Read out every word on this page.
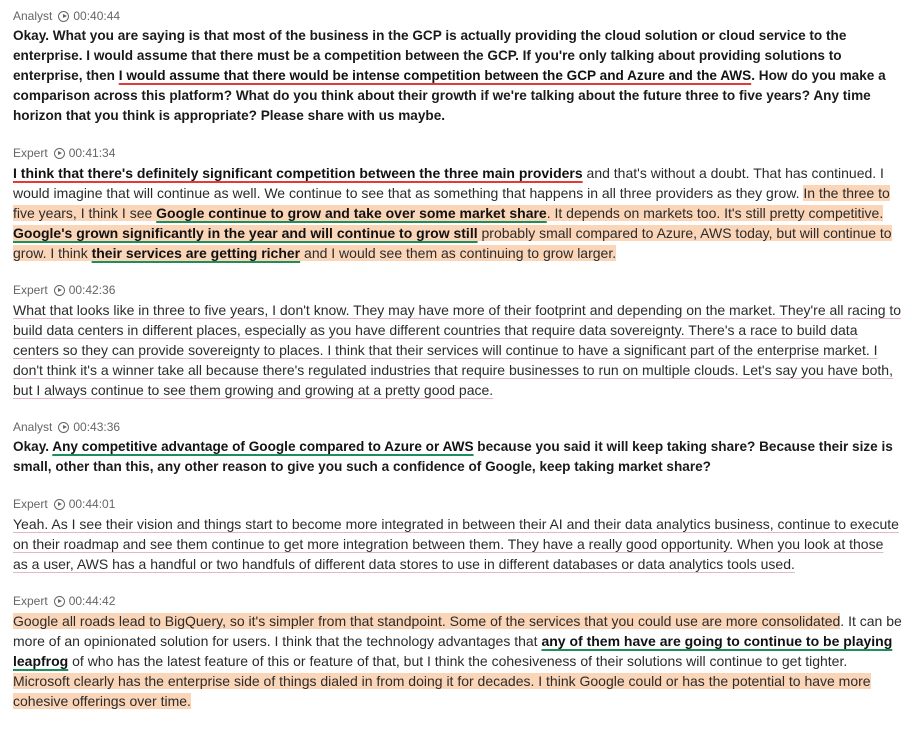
Analyst 00:40:44

Okay. What you are saying is that most of the business in the GCP is actually providing the cloud solution or cloud service to the enterprise. I would assume that there must be a competition between the GCP. If you're only talking about providing solutions to enterprise, then I would assume that there would be intense competition between the GCP and Azure and the AWS. How do you make a comparison across this platform? What do you think about their growth if we're talking about the future three to five years? Any time horizon that you think is appropriate? Please share with us maybe.

Expert 00:41:34

I think that there's definitely significant competition between the three main providers and that's without a doubt. That has continued. I would imagine that will continue as well. We continue to see that as something that happens in all three providers as they grow. In the three to five years, I think I see Google continue to grow and take over some market share. It depends on markets too. It's still pretty competitive. Google's grown significantly in the year and will continue to grow still probably small compared to Azure, AWS today, but will continue to grow. I think their services are getting richer and I would see them as continuing to grow larger.

Expert 00:42:36

What that looks like in three to five years, I don't know. They may have more of their footprint and depending on the market. They're all racing to build data centers in different places, especially as you have different countries that require data sovereignty. There's a race to build data centers so they can provide sovereignty to places. I think that their services will continue to have a significant part of the enterprise market. I don't think it's a winner take all because there's regulated industries that require businesses to run on multiple clouds. Let's say you have both, but I always continue to see them growing and growing at a pretty good pace.

Analyst 00:43:36

Okay. Any competitive advantage of Google compared to Azure or AWS because you said it will keep taking share? Because their size is small, other than this, any other reason to give you such a confidence of Google, keep taking market share?

Expert 00:44:01

Yeah. As I see their vision and things start to become more integrated in between their AI and their data analytics business, continue to execute on their roadmap and see them continue to get more integration between them. They have a really good opportunity. When you look at those as a user, AWS has a handful or two handfuls of different data stores to use in different databases or data analytics tools used.

Expert 00:44:42

Google all roads lead to BigQuery, so it's simpler from that standpoint. Some of the services that you could use are more consolidated. It can be more of an opinionated solution for users. I think that the technology advantages that any of them have are going to continue to be playing leapfrog of who has the latest feature of this or feature of that, but I think the cohesiveness of their solutions will continue to get tighter. Microsoft clearly has the enterprise side of things dialed in from doing it for decades. I think Google could or has the potential to have more cohesive offerings over time.
